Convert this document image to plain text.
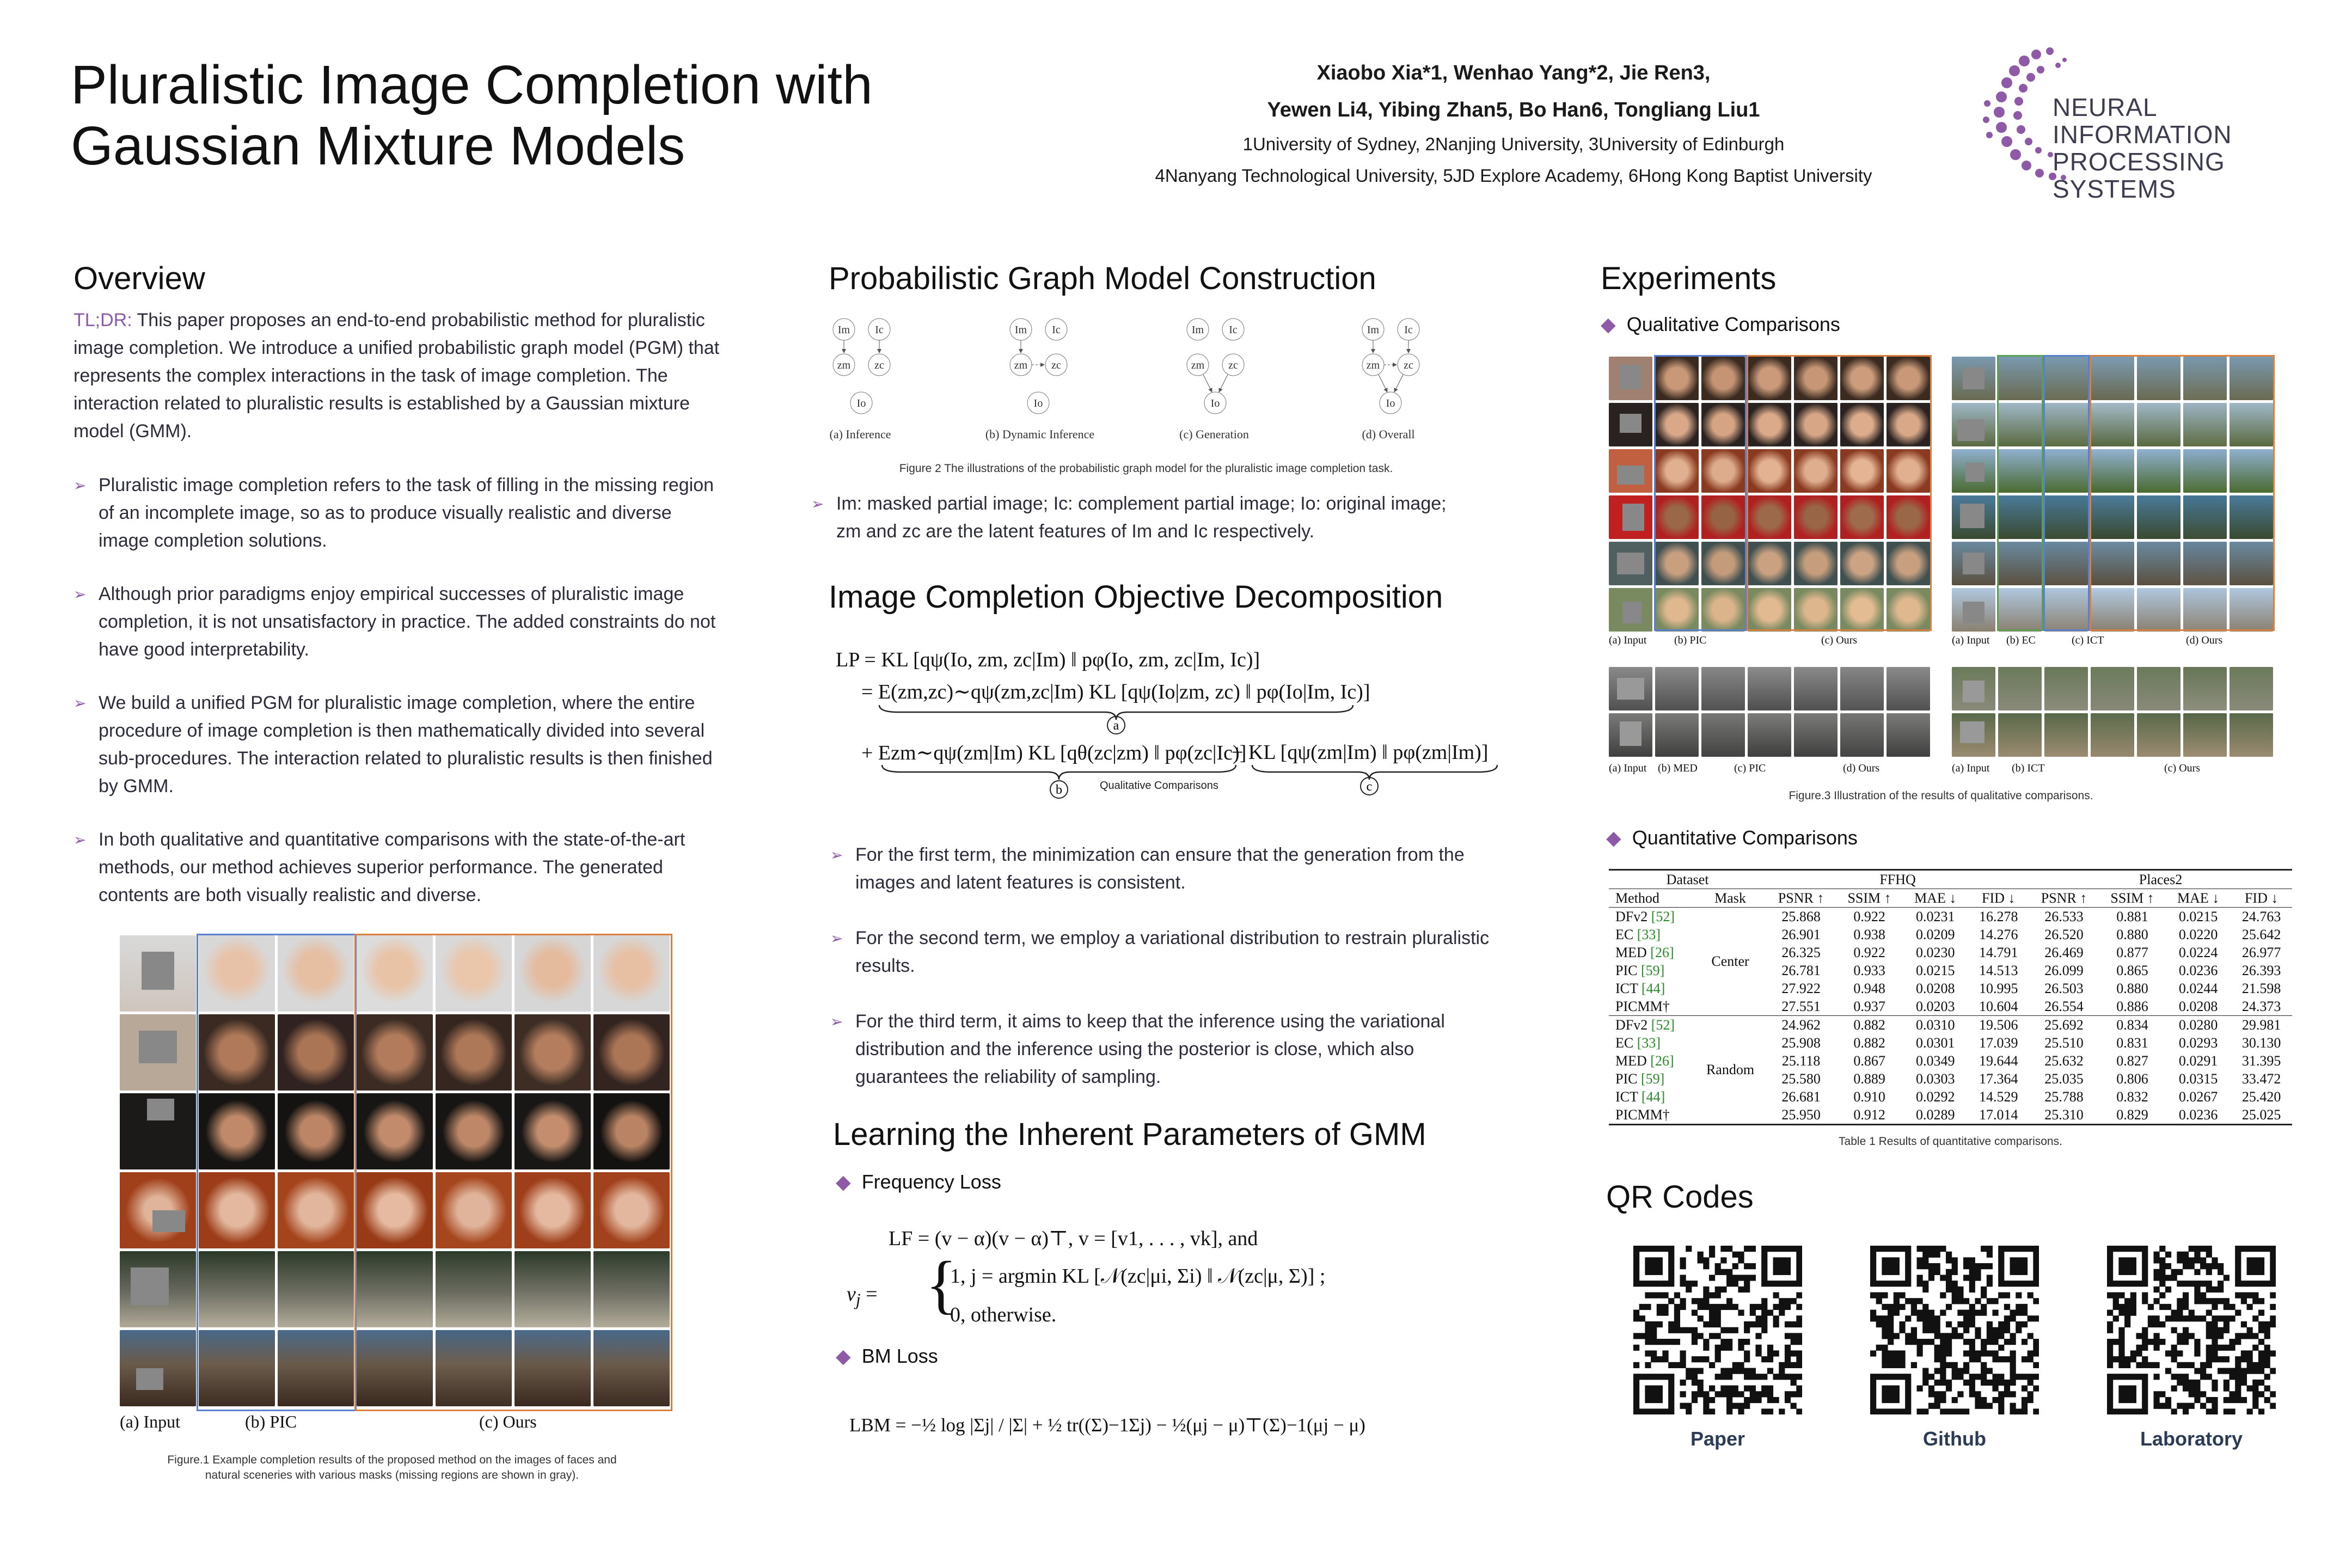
Pluralistic Image Completion with
Gaussian Mixture Models
Xiaobo Xia*1, Wenhao Yang*2, Jie Ren3,
Yewen Li4, Yibing Zhan5, Bo Han6, Tongliang Liu1
1University of Sydney, 2Nanjing University, 3University of Edinburgh
4Nanyang Technological University, 5JD Explore Academy, 6Hong Kong Baptist University
NEURAL INFORMATION
PROCESSING SYSTEMS
Overview
TL;DR: This paper proposes an end-to-end probabilistic method for pluralistic image completion. We introduce a unified probabilistic graph model (PGM) that represents the complex interactions in the task of image completion. The interaction related to pluralistic results is established by a Gaussian mixture model (GMM).
➢ Pluralistic image completion refers to the task of filling in the missing region of an incomplete image, so as to produce visually realistic and diverse image completion solutions.
➢ Although prior paradigms enjoy empirical successes of pluralistic image completion, it is not unsatisfactory in practice. The added constraints do not have good interpretability.
➢ We build a unified PGM for pluralistic image completion, where the entire procedure of image completion is then mathematically divided into several sub-procedures. The interaction related to pluralistic results is then finished by GMM.
➢ In both qualitative and quantitative comparisons with the state-of-the-art methods, our method achieves superior performance. The generated contents are both visually realistic and diverse.
(a) Input	(b) PIC	(c) Ours
Figure.1 Example completion results of the proposed method on the images of faces and
natural sceneries with various masks (missing regions are shown in gray).
Probabilistic Graph Model Construction
Im Ic
zm zc
Io
Im Ic
zm zc
Io
Im Ic
zm zc
Io
Im Ic
zm zc
Io
(a) Inference	(b) Dynamic Inference	(c) Generation	(d) Overall
Figure 2 The illustrations of the probabilistic graph model for the pluralistic image completion task.
➢ Im: masked partial image; Ic: complement partial image; Io: original image; zm and zc are the latent features of Im and Ic respectively.
Image Completion Objective Decomposition
LP = KL [qψ(Io, zm, zc|Im) ‖ pφ(Io, zm, zc|Im, Ic)]
= E(zm,zc)∼qψ(zm,zc|Im) KL [qψ(Io|zm, zc) ‖ pφ(Io|Im, Ic)]
a
+ Ezm∼qψ(zm|Im) KL [qθ(zc|zm) ‖ pφ(zc|Ic)]
+ KL [qψ(zm|Im) ‖ pφ(zm|Im)]
b	Qualitative Comparisons	c
➢ For the first term, the minimization can ensure that the generation from the images and latent features is consistent.
➢ For the second term, we employ a variational distribution to restrain pluralistic results.
➢ For the third term, it aims to keep that the inference using the variational distribution and the inference using the posterior is close, which also guarantees the reliability of sampling.
Learning the Inherent Parameters of GMM
◆ Frequency Loss
LF = (v − α)(v − α)⊤, v = [v1, . . . , vk], and
$v_j$ = {
1, j = argmin KL [𝒩(zc|μi, Σi) ‖ 𝒩(zc|μ, Σ)] ;
0, otherwise.
◆ BM Loss
LBM = −½ log |Σj| / |Σ| + ½ tr((Σ)−1Σj) − ½(μj − μ)⊤(Σ)−1(μj − μ)
Experiments
◆ Qualitative Comparisons
(a) Input	(b) PIC	(c) Ours	(a) Input (b) EC	(c) ICT	(d) Ours
(a) Input (b) MED	(c) PIC	(d) Ours	(a) Input (b) ICT	(c) Ours
Figure.3 Illustration of the results of qualitative comparisons.
◆ Quantitative Comparisons
Dataset		FFHQ				Places2			
Method	Mask	PSNR ↑	SSIM ↑	MAE ↓	FID ↓	PSNR ↑	SSIM ↑	MAE ↓	FID ↓
DFv2 [52]	Center	25.868	0.922	0.0231	16.278	26.533	0.881	0.0215	24.763
EC [33]		26.901	0.938	0.0209	14.276	26.520	0.880	0.0220	25.642
MED [26]		26.325	0.922	0.0230	14.791	26.469	0.877	0.0224	26.977
PIC [59]		26.781	0.933	0.0215	14.513	26.099	0.865	0.0236	26.393
ICT [44]		27.922	0.948	0.0208	10.995	26.503	0.880	0.0244	21.598
PICMM†		27.551	0.937	0.0203	10.604	26.554	0.886	0.0208	24.373
DFv2 [52]	Random	24.962	0.882	0.0310	19.506	25.692	0.834	0.0280	29.981
EC [33]		25.908	0.882	0.0301	17.039	25.510	0.831	0.0293	30.130
MED [26]		25.118	0.867	0.0349	19.644	25.632	0.827	0.0291	31.395
PIC [59]		25.580	0.889	0.0303	17.364	25.035	0.806	0.0315	33.472
ICT [44]		26.681	0.910	0.0292	14.529	25.788	0.832	0.0267	25.420
PICMM†		25.950	0.912	0.0289	17.014	25.310	0.829	0.0236	25.025
Table 1 Results of quantitative comparisons.
QR Codes
Paper	Github	Laboratory
